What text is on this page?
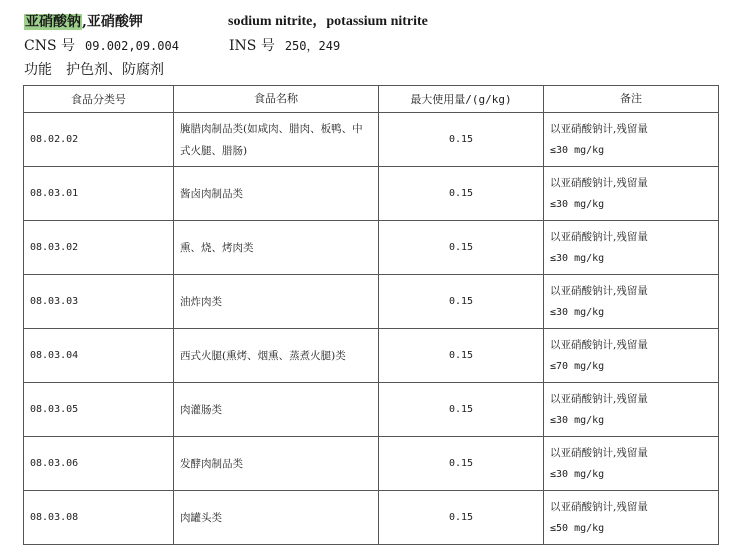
亚硝酸钠,亚硝酸钾	sodium nitrite，potassium nitrite
CNS 号 09.002,09.004	INS 号 250，249
功能 护色剂、防腐剂
食品分类号	食品名称	最大使用量/(g/kg)	备注
08.02.02	腌腊肉制品类(如咸肉、腊肉、板鸭、中式火腿、腊肠)	0.15	以亚硝酸钠计,残留量
≤30 mg/kg

08.03.01	酱卤肉制品类	0.15	以亚硝酸钠计,残留量
≤30 mg/kg

08.03.02	熏、烧、烤肉类	0.15	以亚硝酸钠计,残留量
≤30 mg/kg

08.03.03	油炸肉类	0.15	以亚硝酸钠计,残留量
≤30 mg/kg

08.03.04	西式火腿(熏烤、烟熏、蒸煮火腿)类	0.15	以亚硝酸钠计,残留量
≤70 mg/kg

08.03.05	肉灌肠类	0.15	以亚硝酸钠计,残留量
≤30 mg/kg

08.03.06	发酵肉制品类	0.15	以亚硝酸钠计,残留量
≤30 mg/kg

08.03.08	肉罐头类	0.15	以亚硝酸钠计,残留量
≤50 mg/kg
